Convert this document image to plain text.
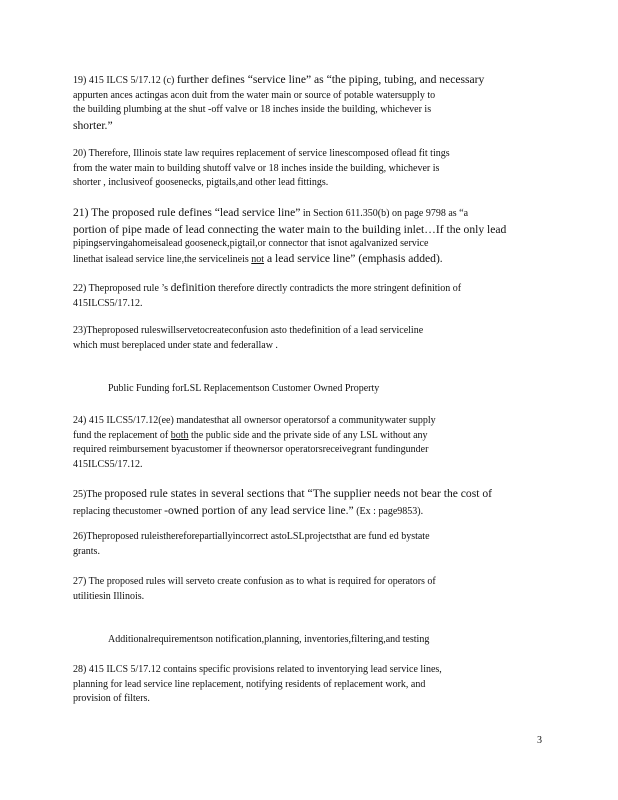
19) 415 ILCS 5/17.12 (c) further defines “service line” as “the piping, tubing, and necessary
appurten ances actingas acon duit from the water main or source of potable watersupply to
the building plumbing at the shut -off valve or 18 inches inside the building, whichever is
shorter.”
20) Therefore, Illinois state law requires replacement of service linescomposed oflead fit tings
from the water main to building shutoff valve or 18 inches inside the building, whichever is
shorter , inclusiveof goosenecks, pigtails,and other lead fittings.
21) The proposed rule defines “lead service line” in Section 611.350(b) on page 9798 as “a
portion of pipe made of lead connecting the water main to the building inlet…If the only lead
pipingservingahomeisalead gooseneck,pigtail,or connector that isnot agalvanized service
linethat isalead service line,the servicelineis not a lead service line” (emphasis added).
22) Theproposed rule ’s definition therefore directly contradicts the more stringent definition of
415ILCS5/17.12.
23)Theproposed ruleswillservetocreateconfusion asto thedefinition of a lead serviceline
which must bereplaced under state and federallaw .
Public Funding forLSL Replacementson Customer Owned Property
24) 415 ILCS5/17.12(ee) mandatesthat all ownersor operatorsof a communitywater supply
fund the replacement of both the public side and the private side of any LSL without any
required reimbursement byacustomer if theownersor operatorsreceivegrant fundingunder
415ILCS5/17.12.
25)The proposed rule states in several sections that “The supplier needs not bear the cost of
replacing thecustomer -owned portion of any lead service line.” (Ex : page9853).
26)Theproposed ruleisthereforepartiallyincorrect astoLSLprojectsthat are fund ed bystate
grants.
27) The proposed rules will serveto create confusion as to what is required for operators of
utilitiesin Illinois.
Additionalrequirementson notification,planning, inventories,filtering,and testing
28) 415 ILCS 5/17.12 contains specific provisions related to inventorying lead service lines,
planning for lead service line replacement, notifying residents of replacement work, and
provision of filters.
3
